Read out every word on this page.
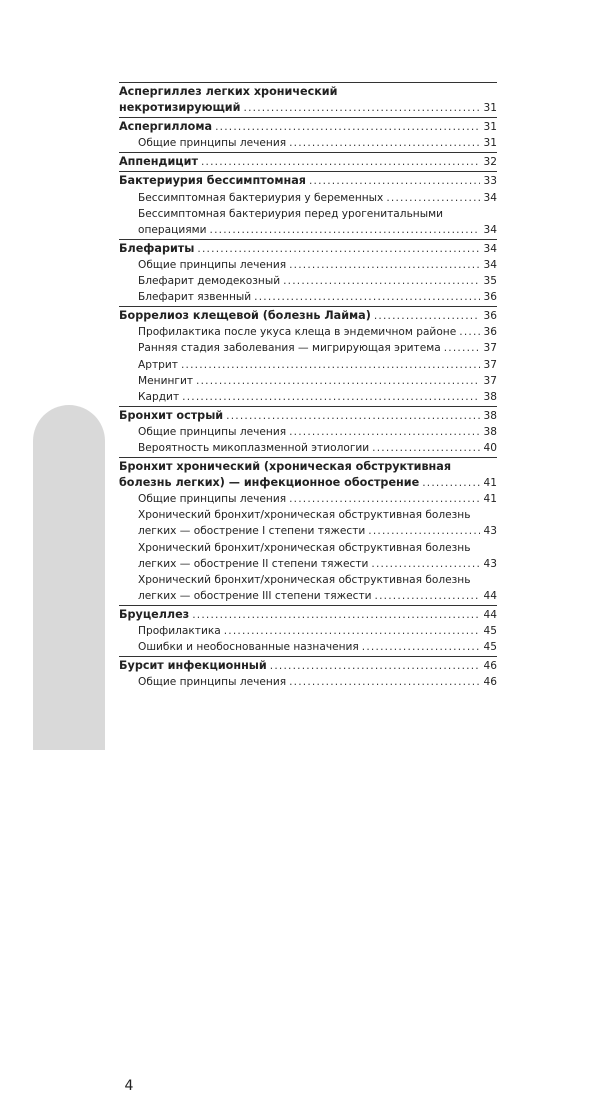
Схемы лечения. Инфекции
4
Аспергиллез легких хронический
некротизирующий .....	31
Аспергиллома .....	31
Общие принципы лечения .....	31
Аппендицит .....	32
Бактериурия бессимптомная .....	33
Бессимптомная бактериурия у беременных .....	34
Бессимптомная бактериурия перед урогенитальными
операциями .....	34
Блефариты .....	34
Общие принципы лечения .....	34
Блефарит демодекозный .....	35
Блефарит язвенный .....	36
Боррелиоз клещевой (болезнь Лайма) .....	36
Профилактика после укуса клеща в эндемичном районе .....	36
Ранняя стадия заболевания — мигрирующая эритема .....	37
Артрит .....	37
Менингит .....	37
Кардит .....	38
Бронхит острый .....	38
Общие принципы лечения .....	38
Вероятность микоплазменной этиологии .....	40
Бронхит хронический (хроническая обструктивная
болезнь легких) — инфекционное обострение .....	41
Общие принципы лечения .....	41
Хронический бронхит/хроническая обструктивная болезнь
легких — обострение I степени тяжести .....	43
Хронический бронхит/хроническая обструктивная болезнь
легких — обострение II степени тяжести .....	43
Хронический бронхит/хроническая обструктивная болезнь
легких — обострение III степени тяжести .....	44
Бруцеллез .....	44
Профилактика .....	45
Ошибки и необоснованные назначения .....	45
Бурсит инфекционный .....	46
Общие принципы лечения .....	46
